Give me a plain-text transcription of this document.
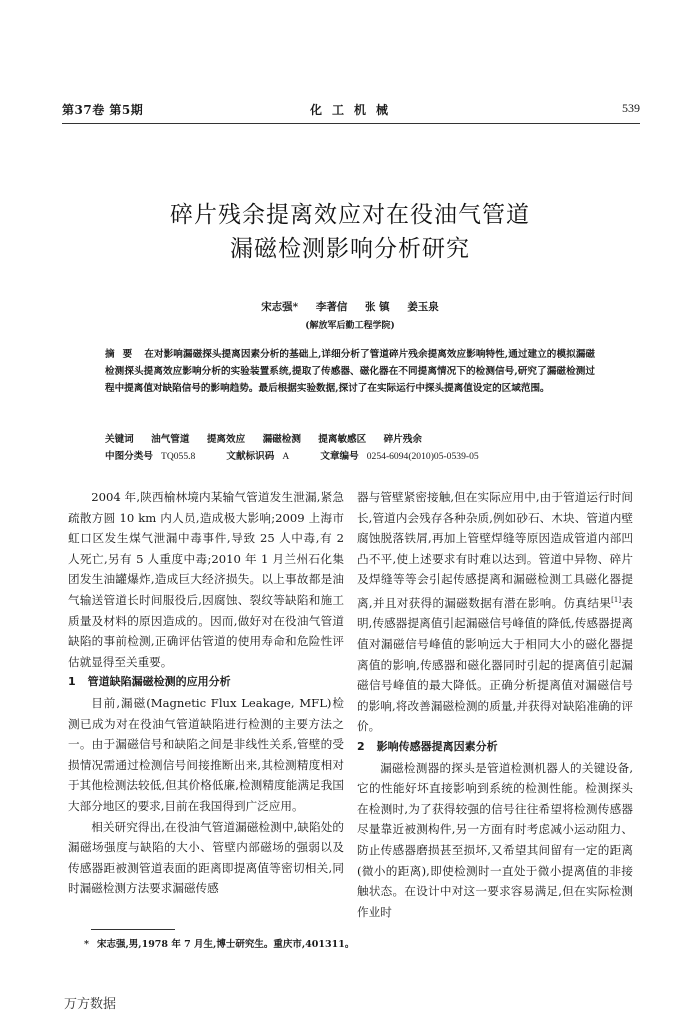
第37卷 第5期	化工机械	539
碎片残余提离效应对在役油气管道
漏磁检测影响分析研究
宋志强* 李著信 张 镇 姜玉泉
(解放军后勤工程学院)
摘要 在对影响漏磁探头提离因素分析的基础上,详细分析了管道碎片残余提离效应影响特性,通过建立的模拟漏磁检测探头提离效应影响分析的实验装置系统,提取了传感器、磁化器在不同提离情况下的检测信号,研究了漏磁检测过程中提离值对缺陷信号的影响趋势。最后根据实验数据,探讨了在实际运行中探头提离值设定的区域范围。
关键词 油气管道 提离效应 漏磁检测 提离敏感区 碎片残余
中图分类号 TQ055.8	文献标识码 A	文章编号 0254-6094(2010)05-0539-05

2004 年,陕西榆林境内某输气管道发生泄漏,紧急疏散方圆 10 km 内人员,造成极大影响;2009 上海市虹口区发生煤气泄漏中毒事件,导致 25 人中毒,有 2 人死亡,另有 5 人重度中毒;2010 年 1 月兰州石化集团发生油罐爆炸,造成巨大经济损失。以上事故都是油气输送管道长时间服役后,因腐蚀、裂纹等缺陷和施工质量及材料的原因造成的。因而,做好对在役油气管道缺陷的事前检测,正确评估管道的使用寿命和危险性评估就显得至关重要。

1 管道缺陷漏磁检测的应用分析

目前,漏磁(Magnetic Flux Leakage, MFL)检测已成为对在役油气管道缺陷进行检测的主要方法之一。由于漏磁信号和缺陷之间是非线性关系,管壁的受损情况需通过检测信号间接推断出来,其检测精度相对于其他检测法较低,但其价格低廉,检测精度能满足我国大部分地区的要求,目前在我国得到广泛应用。

相关研究得出,在役油气管道漏磁检测中,缺陷处的漏磁场强度与缺陷的大小、管壁内部磁场的强弱以及传感器距被测管道表面的距离即提离值等密切相关,同时漏磁检测方法要求漏磁传感

器与管壁紧密接触,但在实际应用中,由于管道运行时间长,管道内会残存各种杂质,例如砂石、木块、管道内壁腐蚀脱落铁屑,再加上管壁焊缝等原因造成管道内部凹凸不平,使上述要求有时难以达到。管道中异物、碎片及焊缝等等会引起传感提离和漏磁检测工具磁化器提离,并且对获得的漏磁数据有潜在影响。仿真结果[1]表明,传感器提离值引起漏磁信号峰值的降低,传感器提离值对漏磁信号峰值的影响远大于相同大小的磁化器提离值的影响,传感器和磁化器同时引起的提离值引起漏磁信号峰值的最大降低。正确分析提离值对漏磁信号的影响,将改善漏磁检测的质量,并获得对缺陷准确的评价。

2 影响传感器提离因素分析

漏磁检测器的探头是管道检测机器人的关键设备,它的性能好坏直接影响到系统的检测性能。检测探头在检测时,为了获得较强的信号往往希望将检测传感器尽量靠近被测构件,另一方面有时考虑减小运动阻力、防止传感器磨损甚至损坏,又希望其间留有一定的距离(微小的距离),即使检测时一直处于微小提离值的非接触状态。在设计中对这一要求容易满足,但在实际检测作业时

* 宋志强,男,1978 年 7 月生,博士研究生。重庆市,401311。
万方数据
